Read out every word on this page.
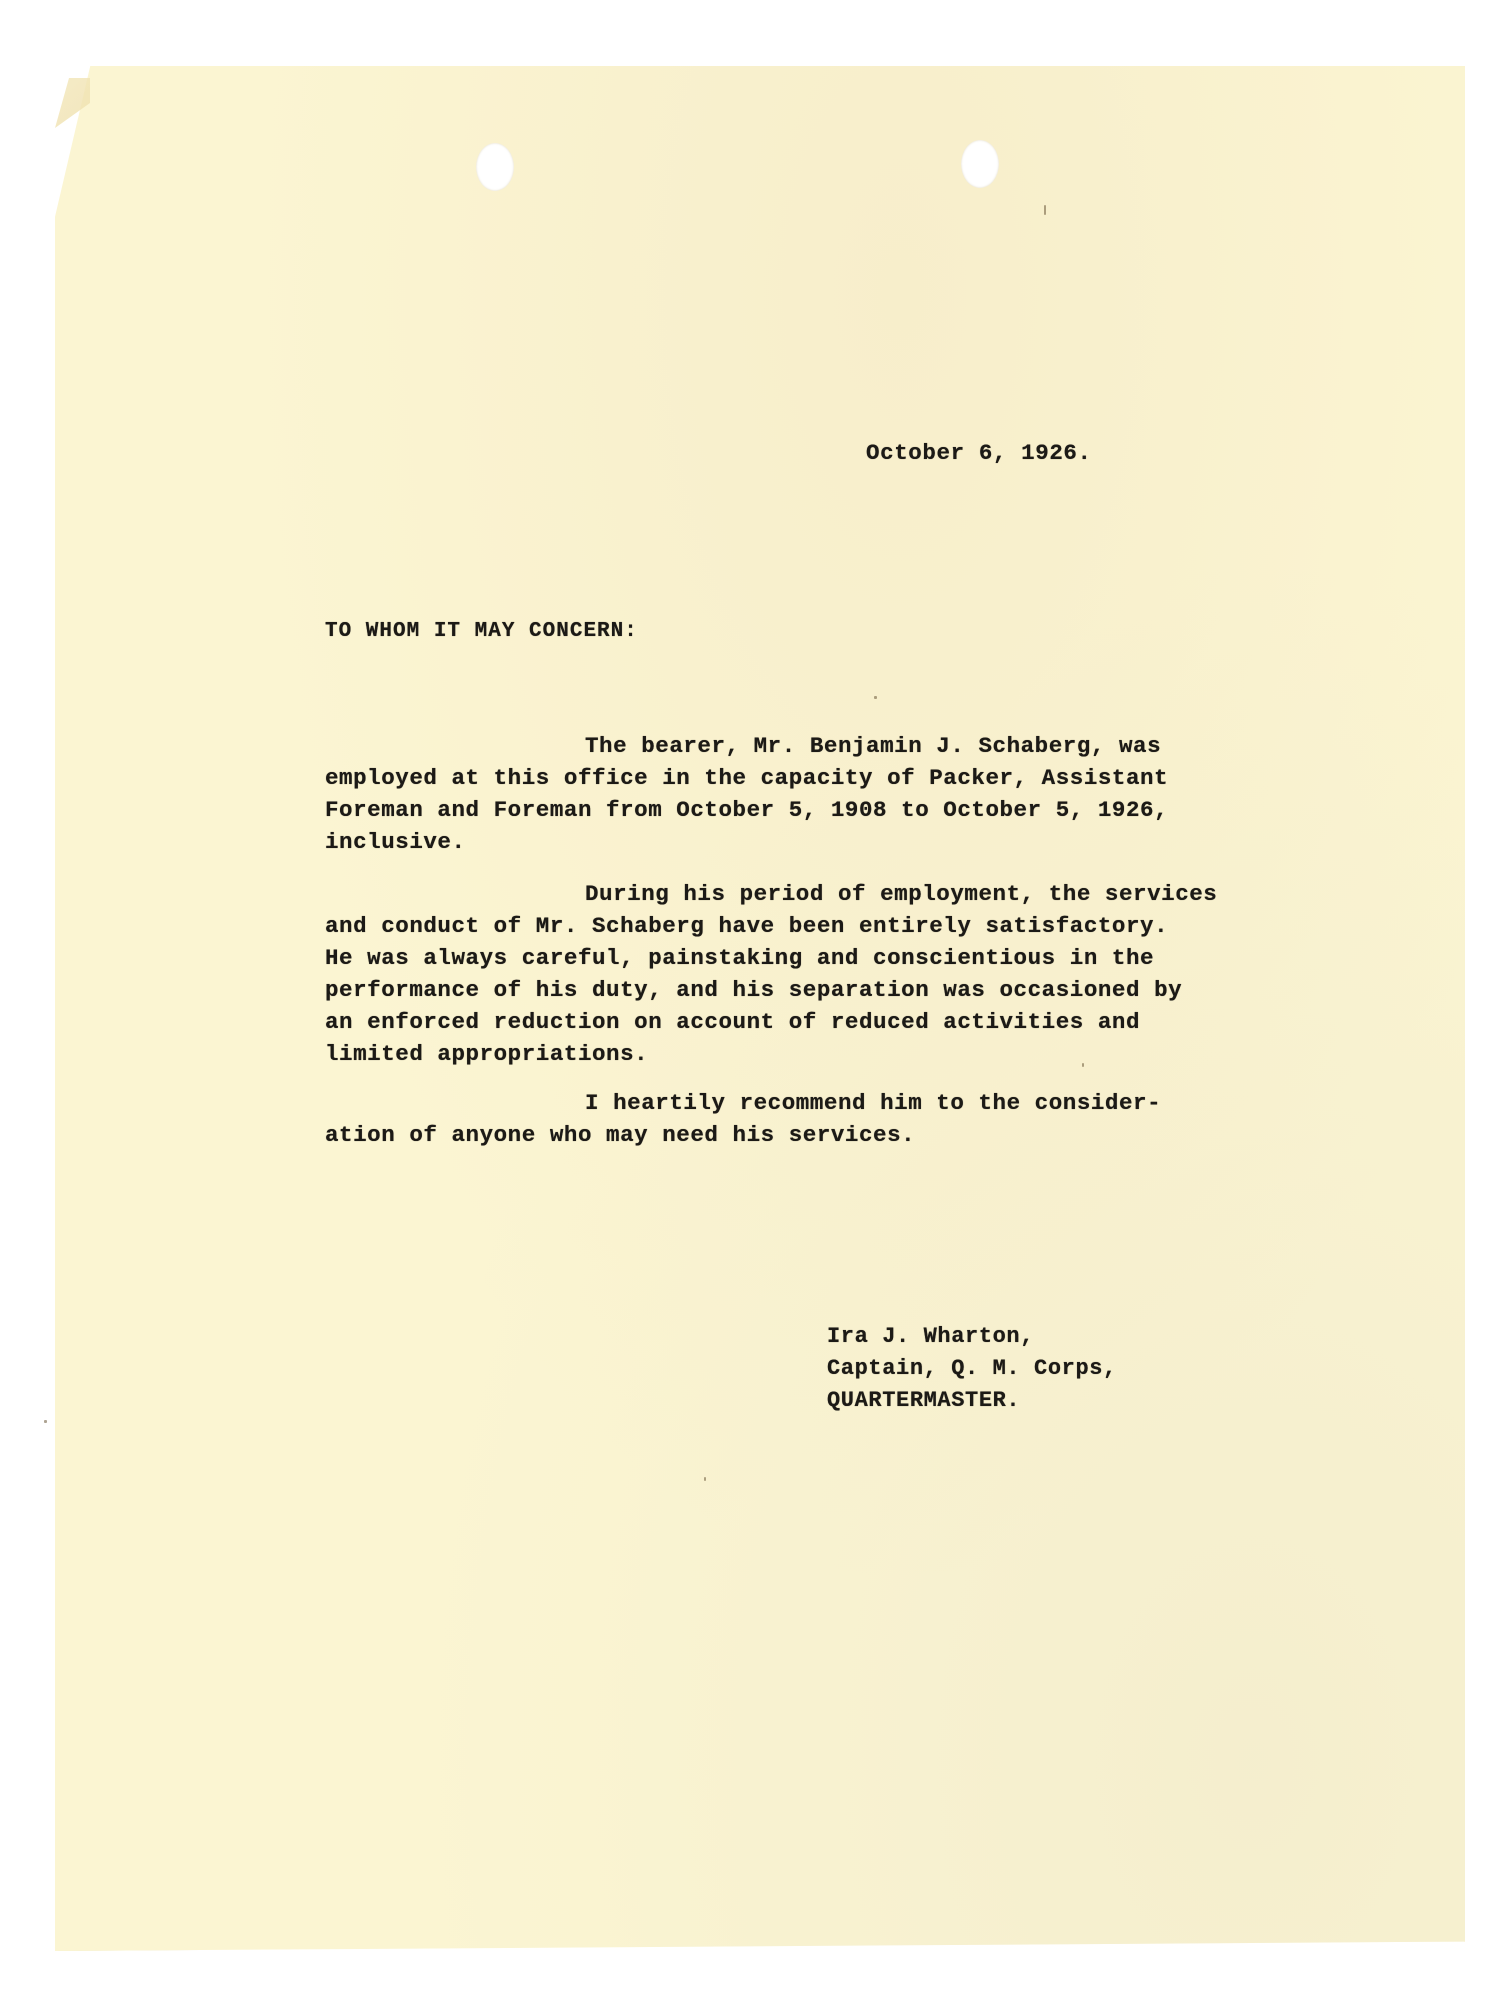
October 6, 1926.
TO WHOM IT MAY CONCERN:
The bearer, Mr. Benjamin J. Schaberg, was
employed at this office in the capacity of Packer, Assistant
Foreman and Foreman from October 5, 1908 to October 5, 1926,
inclusive.
During his period of employment, the services
and conduct of Mr. Schaberg have been entirely satisfactory.
He was always careful, painstaking and conscientious in the
performance of his duty, and his separation was occasioned by
an enforced reduction on account of reduced activities and
limited appropriations.
I heartily recommend him to the consider-
ation of anyone who may need his services.
Ira J. Wharton,
Captain, Q. M. Corps,
QUARTERMASTER.
